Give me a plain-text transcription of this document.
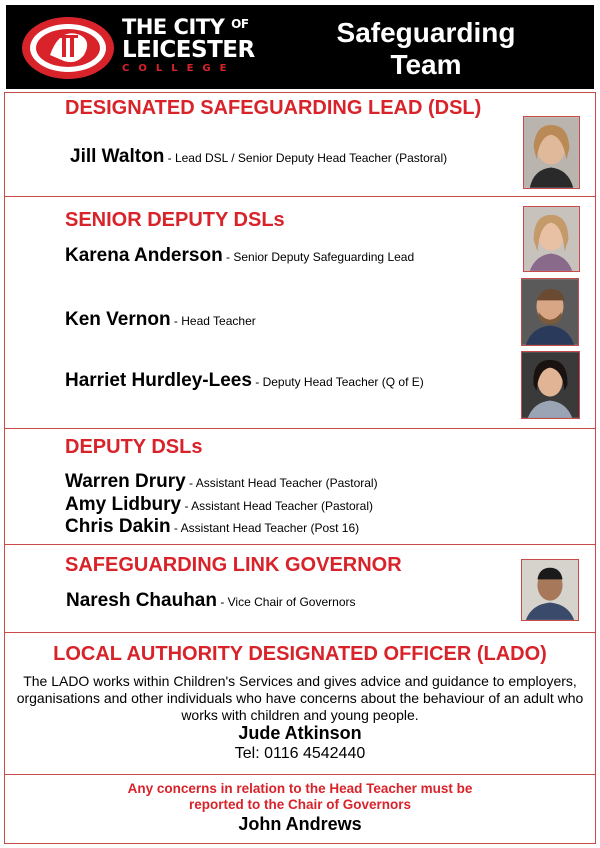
THE CITY $^{OF}$
LEICESTER
COLLEGE
Safeguarding
Team
DESIGNATED SAFEGUARDING LEAD (DSL)
Jill Walton - Lead DSL / Senior Deputy Head Teacher (Pastoral)
SENIOR DEPUTY DSLs
Karena Anderson - Senior Deputy Safeguarding Lead
Ken Vernon - Head Teacher
Harriet Hurdley-Lees - Deputy Head Teacher (Q of E)
DEPUTY DSLs
Warren Drury - Assistant Head Teacher (Pastoral)
Amy Lidbury - Assistant Head Teacher (Pastoral)
Chris Dakin - Assistant Head Teacher (Post 16)
SAFEGUARDING LINK GOVERNOR
Naresh Chauhan - Vice Chair of Governors
LOCAL AUTHORITY DESIGNATED OFFICER (LADO)
The LADO works within Children's Services and gives advice and guidance to employers, organisations and other individuals who have concerns about the behaviour of an adult who works with children and young people.
Jude Atkinson
Tel: 0116 4542440
Any concerns in relation to the Head Teacher must be
reported to the Chair of Governors
John Andrews
